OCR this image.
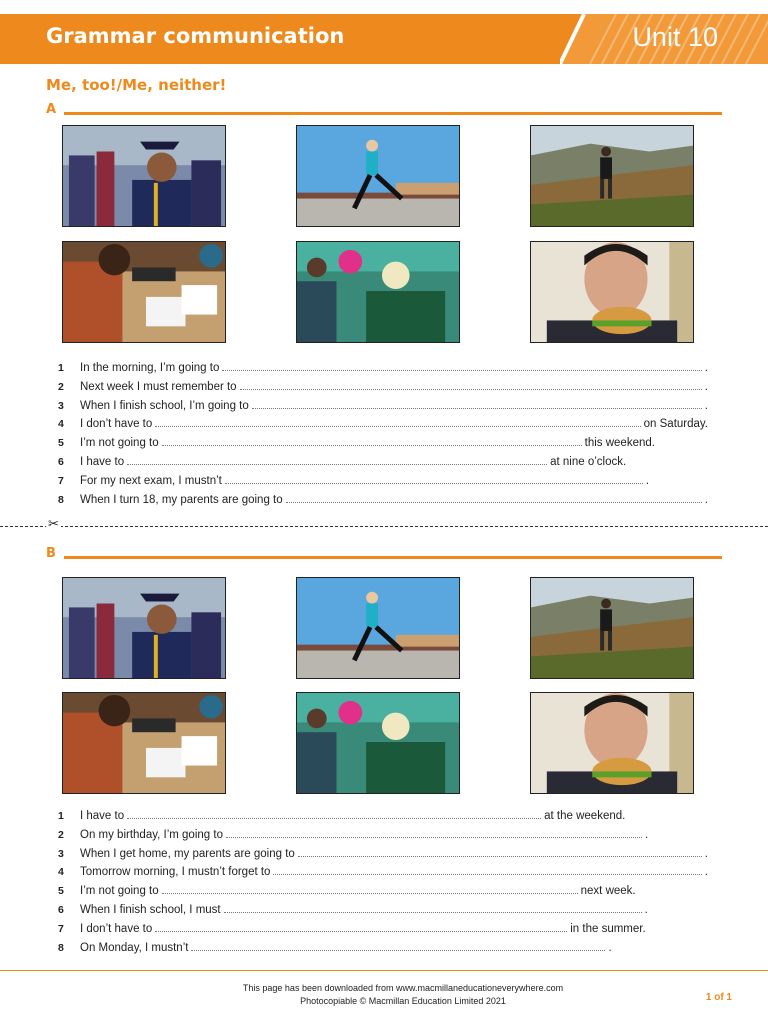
Grammar communication	Unit 10
Me, too!/Me, neither!
A
1	In the morning, I’m going to	.
2	Next week I must remember to	.
3	When I finish school, I’m going to	.
4	I don’t have to	on Saturday.
5	I’m not going to	this weekend.
6	I have to	at nine o’clock.
7	For my next exam, I mustn’t	.
8	When I turn 18, my parents are going to	.
✂
B
1	I have to	at the weekend.
2	On my birthday, I’m going to	.
3	When I get home, my parents are going to	.
4	Tomorrow morning, I mustn’t forget to	.
5	I’m not going to	next week.
6	When I finish school, I must	.
7	I don’t have to	in the summer.
8	On Monday, I mustn’t	.
This page has been downloaded from www.macmillaneducationeverywhere.com
Photocopiable © Macmillan Education Limited 2021	1 of 1
